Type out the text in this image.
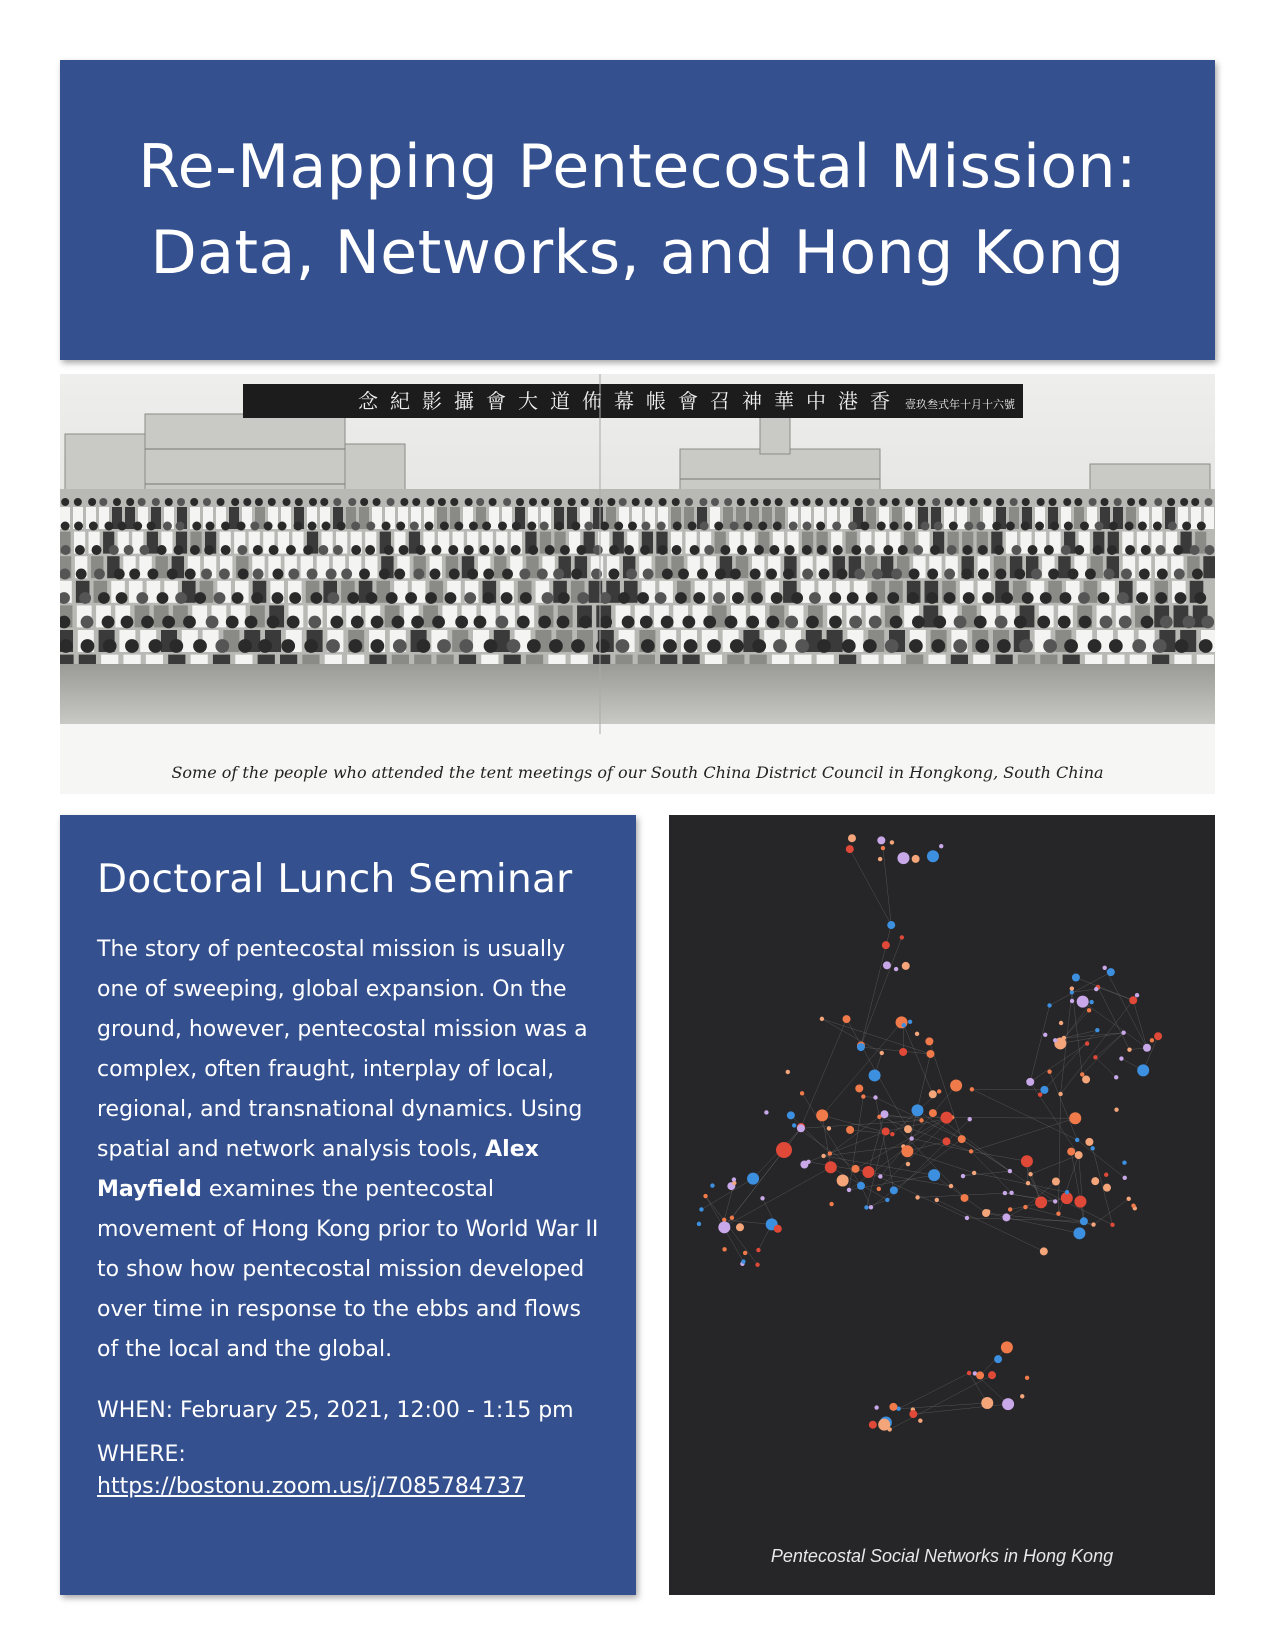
Re-Mapping Pentecostal Mission:
Data, Networks, and Hong Kong
念紀影攝會大道佈幕帳會召神華中港香 壹玖叁式年十月十六號
Some of the people who attended the tent meetings of our South China District Council in Hongkong, South China
Doctoral Lunch Seminar

The story of pentecostal mission is usually one of sweeping, global expansion. On the ground, however, pentecostal mission was a complex, often fraught, interplay of local, regional, and transnational dynamics. Using spatial and network analysis tools, Alex Mayfield examines the pentecostal movement of Hong Kong prior to World War II to show how pentecostal mission developed over time in response to the ebbs and flows of the local and the global.

WHEN: February 25, 2021, 12:00 - 1:15 pm

WHERE: https://bostonu.zoom.us/j/7085784737

Pentecostal Social Networks in Hong Kong
